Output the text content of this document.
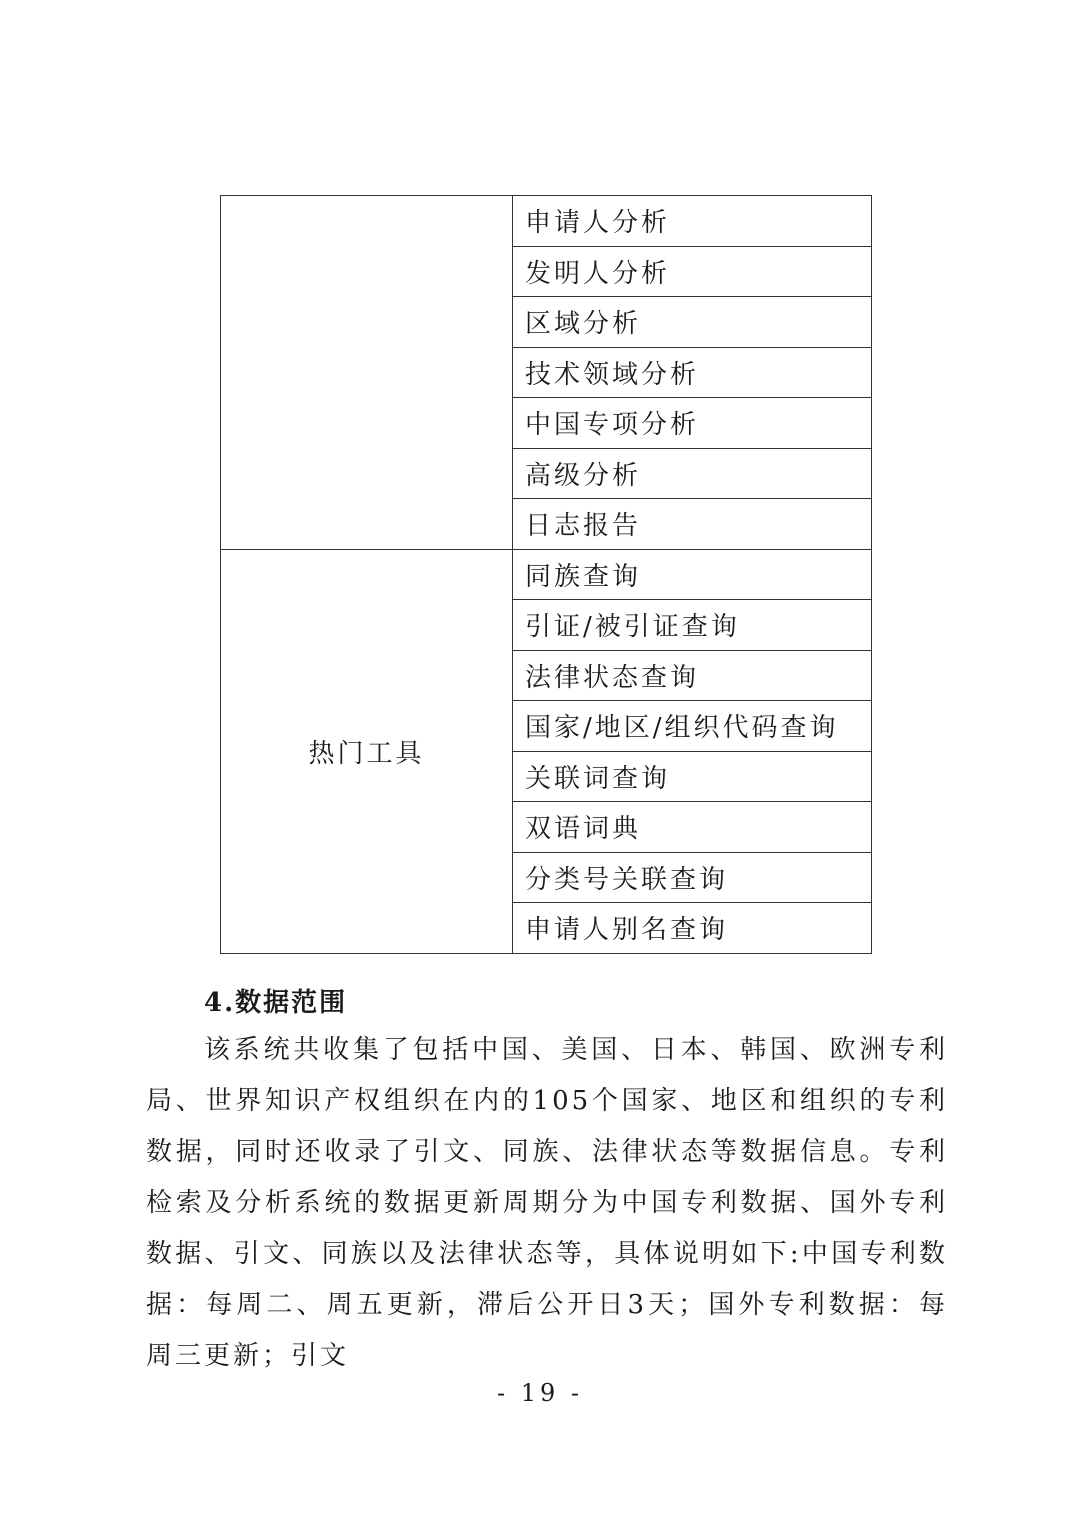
	申请人分析
	发明人分析
	区域分析
	技术领域分析
	中国专项分析
	高级分析
	日志报告
热门工具	同族查询
	引证/被引证查询
	法律状态查询
	国家/地区/组织代码查询
	关联词查询
	双语词典
	分类号关联查询
	申请人别名查询
4.数据范围

该系统共收集了包括中国、美国、日本、韩国、欧洲专利局、世界知识产权组织在内的105个国家、地区和组织的专利数据，同时还收录了引文、同族、法律状态等数据信息。专利检索及分析系统的数据更新周期分为中国专利数据、国外专利数据、引文、同族以及法律状态等，具体说明如下:中国专利数据：每周二、周五更新，滞后公开日3天；国外专利数据：每周三更新；引文

- 19 -
